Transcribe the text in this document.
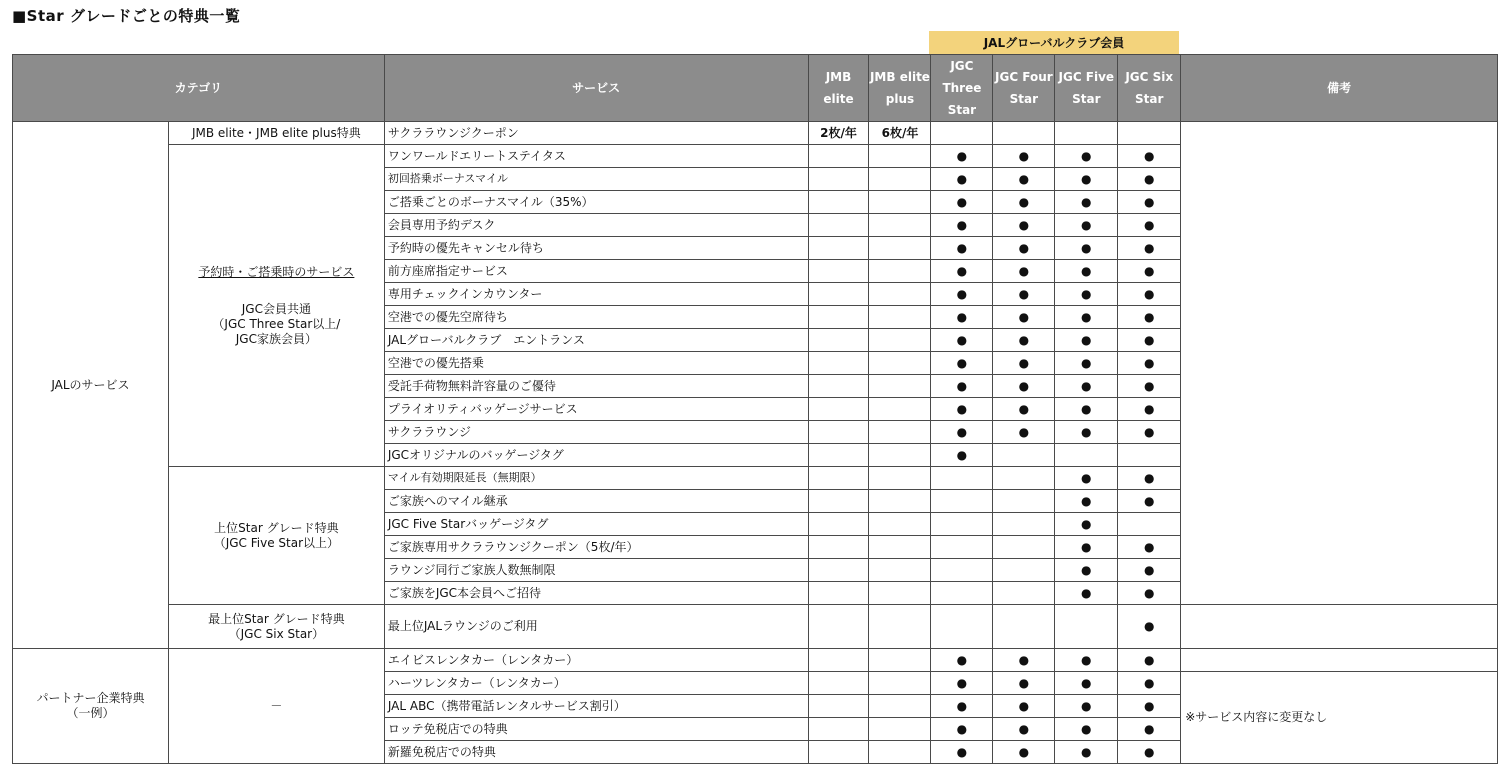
■Star グレードごとの特典一覧
JALグローバルクラブ会員
カテゴリ		サービス	JMB elite	JMB elite plus	JGC Three Star	JGC Four Star	JGC Five Star	JGC Six Star	備考
JALのサービス	JMB elite・JMB elite plus特典	サクララウンジクーポン	2枚/年	6枚/年					
	予約時・ご搭乗時のサービス
JGC会員共通
（JGC Three Star以上/
JGC家族会員）	ワンワールドエリートステイタス			●	●	●	●	
		初回搭乗ボーナスマイル			●	●	●	●	
		ご搭乗ごとのボーナスマイル（35%）			●	●	●	●	
		会員専用予約デスク			●	●	●	●	
		予約時の優先キャンセル待ち			●	●	●	●	
		前方座席指定サービス			●	●	●	●	
		専用チェックインカウンター			●	●	●	●	
		空港での優先空席待ち			●	●	●	●	
		JALグローバルクラブ　エントランス			●	●	●	●	
		空港での優先搭乗			●	●	●	●	
		受託手荷物無料許容量のご優待			●	●	●	●	
		プライオリティバッゲージサービス			●	●	●	●	
		サクララウンジ			●	●	●	●	
		JGCオリジナルのバッゲージタグ			●				
	上位Star グレード特典
（JGC Five Star以上）	マイル有効期限延長（無期限）					●	●	
		ご家族へのマイル継承					●	●	
		JGC Five Starバッゲージタグ					●		
		ご家族専用サクララウンジクーポン（5枚/年）					●	●	
		ラウンジ同行ご家族人数無制限					●	●	
		ご家族をJGC本会員へご招待					●	●	
	最上位Star グレード特典
（JGC Six Star）	最上位JALラウンジのご利用						●	
パートナー企業特典
（一例）	－	エイビスレンタカー（レンタカー）			●	●	●	●	
		ハーツレンタカー（レンタカー）			●	●	●	●	※サービス内容に変更なし
		JAL ABC（携帯電話レンタルサービス割引）			●	●	●	●	
		ロッテ免税店での特典			●	●	●	●	
		新羅免税店での特典			●	●	●	●	
